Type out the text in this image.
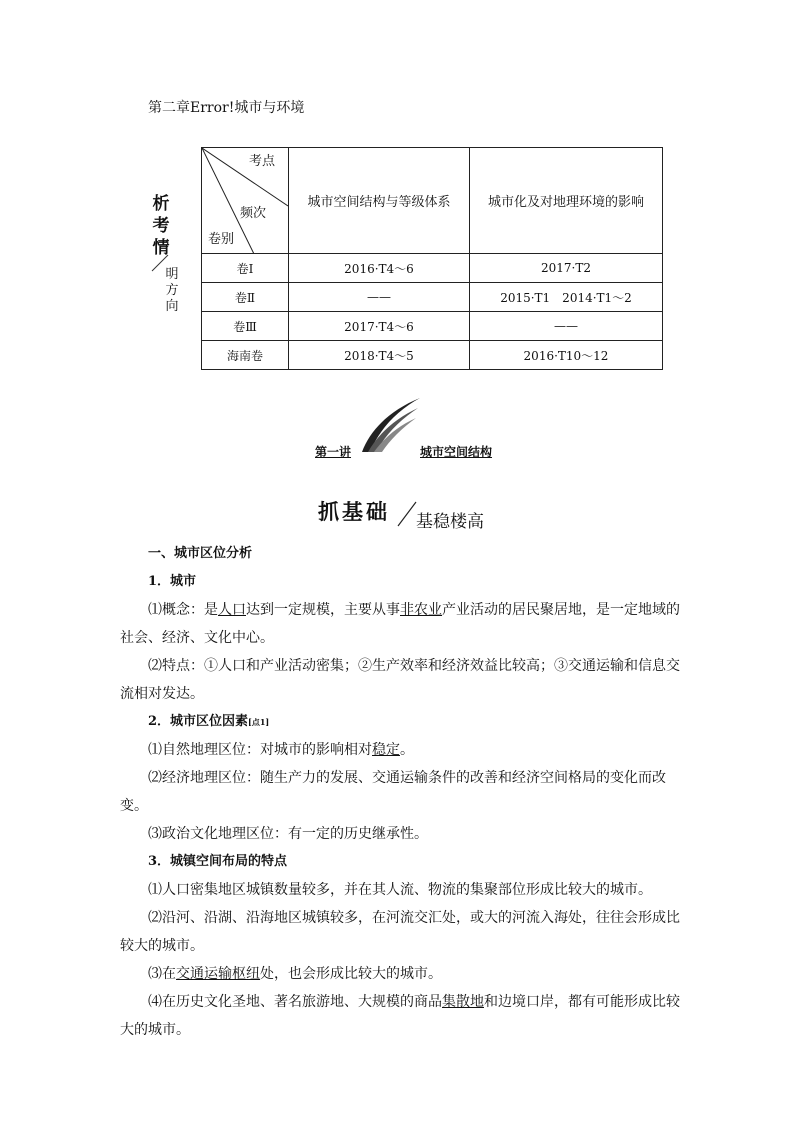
第二章Error!城市与环境
析
考
情
明
方
向
考点
频次
卷别	城市空间结构与等级体系	城市化及对地理环境的影响
卷Ⅰ	2016·T4～6	2017·T2
卷Ⅱ	——	2015·T1　2014·T1～2
卷Ⅲ	2017·T4～6	——
海南卷	2018·T4～5	2016·T10～12
第一讲	城市空间结构
抓基础 基稳楼高

一、城市区位分析

1．城市

⑴概念：是人口达到一定规模，主要从事非农业产业活动的居民聚居地，是一定地域的社会、经济、文化中心。

⑵特点：①人口和产业活动密集；②生产效率和经济效益比较高；③交通运输和信息交流相对发达。

2．城市区位因素[点1]

⑴自然地理区位：对城市的影响相对稳定。

⑵经济地理区位：随生产力的发展、交通运输条件的改善和经济空间格局的变化而改变。

⑶政治文化地理区位：有一定的历史继承性。

3．城镇空间布局的特点

⑴人口密集地区城镇数量较多，并在其人流、物流的集聚部位形成比较大的城市。

⑵沿河、沿湖、沿海地区城镇较多，在河流交汇处，或大的河流入海处，往往会形成比较大的城市。

⑶在交通运输枢纽处，也会形成比较大的城市。

⑷在历史文化圣地、著名旅游地、大规模的商品集散地和边境口岸，都有可能形成比较大的城市。
